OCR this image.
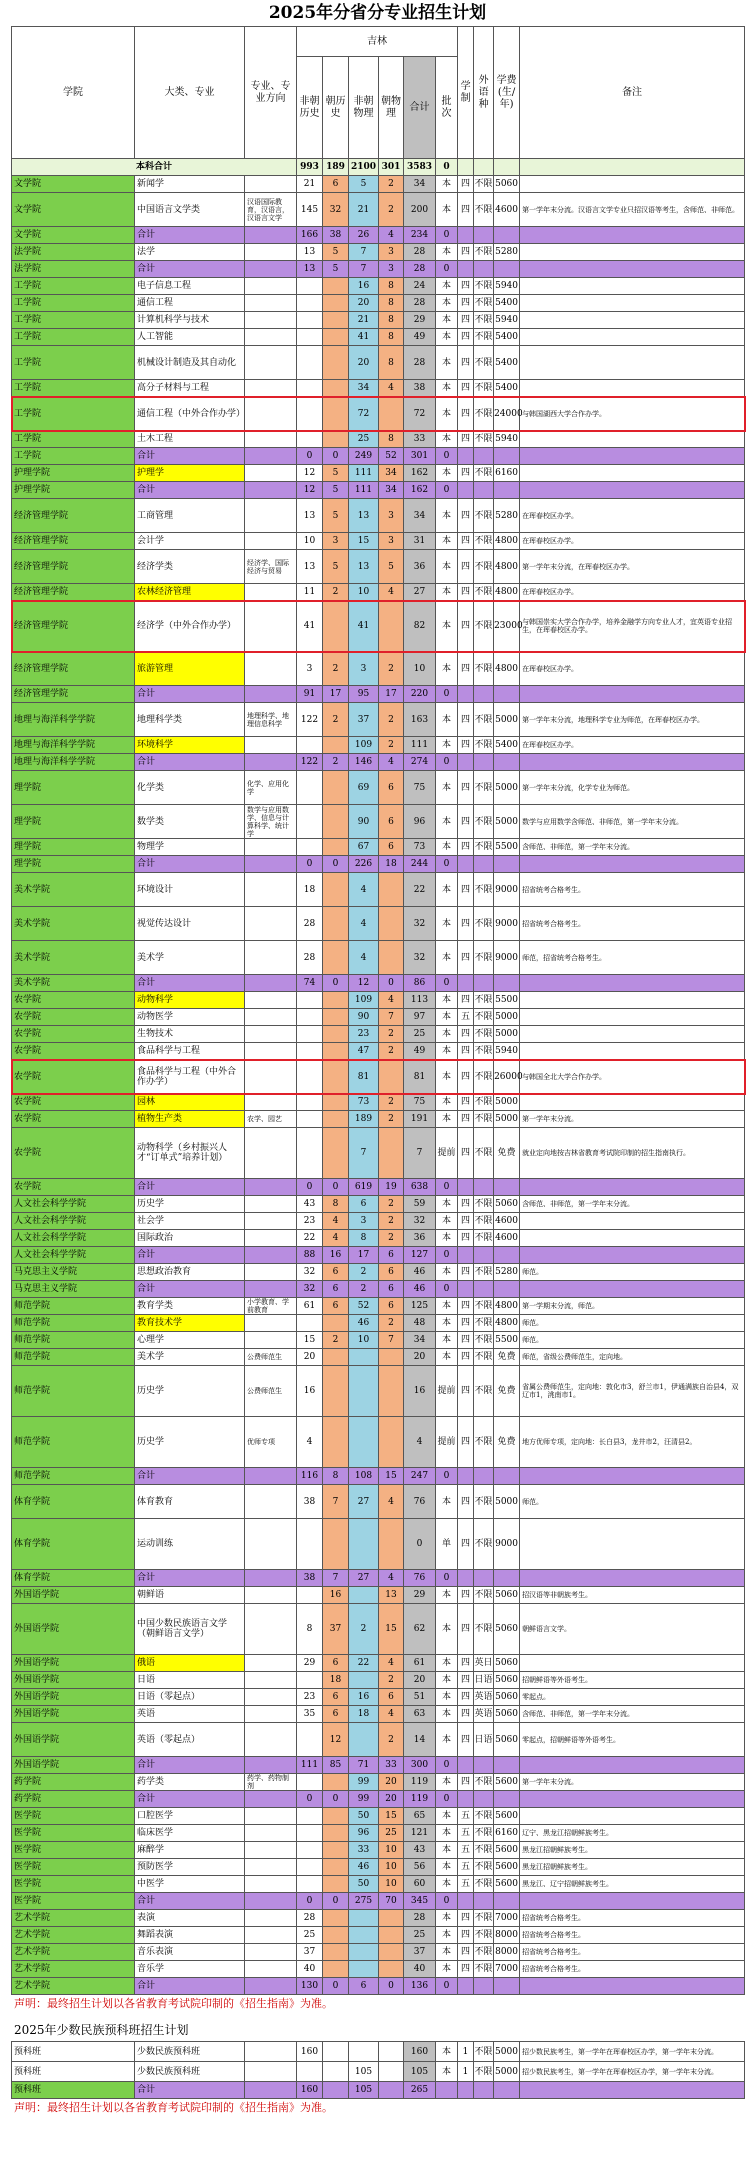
2025年分省分专业招生计划
学院	大类、专业	专业、专业方向	吉林						学制	外语种	学费(生/年)	备注
			非朝历史	朝历史	非朝物理	朝物理	合计	批次				
本科合计			993	189	2100	301	3583	0				
文学院	新闻学		21	6	5	2	34	本	四	不限	5060	
文学院	中国语言文学类	汉语国际教育，汉语言，汉语言文学	145	32	21	2	200	本	四	不限	4600	第一学年末分流。汉语言文学专业只招汉语等考生，含师范、非师范。
文学院	合计		166	38	26	4	234	0				
法学院	法学		13	5	7	3	28	本	四	不限	5280	
法学院	合计		13	5	7	3	28	0				
工学院	电子信息工程				16	8	24	本	四	不限	5940	
工学院	通信工程				20	8	28	本	四	不限	5400	
工学院	计算机科学与技术				21	8	29	本	四	不限	5940	
工学院	人工智能				41	8	49	本	四	不限	5400	
工学院	机械设计制造及其自动化				20	8	28	本	四	不限	5400	
工学院	高分子材料与工程				34	4	38	本	四	不限	5400	
工学院	通信工程（中外合作办学）				72		72	本	四	不限	24000	与韩国湖西大学合作办学。
工学院	土木工程				25	8	33	本	四	不限	5940	
工学院	合计		0	0	249	52	301	0				
护理学院	护理学		12	5	111	34	162	本	四	不限	6160	
护理学院	合计		12	5	111	34	162	0				
经济管理学院	工商管理		13	5	13	3	34	本	四	不限	5280	在珲春校区办学。
经济管理学院	会计学		10	3	15	3	31	本	四	不限	4800	在珲春校区办学。
经济管理学院	经济学类	经济学、国际经济与贸易	13	5	13	5	36	本	四	不限	4800	第一学年末分流，在珲春校区办学。
经济管理学院	农林经济管理		11	2	10	4	27	本	四	不限	4800	在珲春校区办学。
经济管理学院	经济学（中外合作办学）		41		41		82	本	四	不限	23000	与韩国崇实大学合作办学，培养金融学方向专业人才，宜英语专业招生，在珲春校区办学。
经济管理学院	旅游管理		3	2	3	2	10	本	四	不限	4800	在珲春校区办学。
经济管理学院	合计		91	17	95	17	220	0				
地理与海洋科学学院	地理科学类	地理科学、地理信息科学	122	2	37	2	163	本	四	不限	5000	第一学年末分流，地理科学专业为师范，在珲春校区办学。
地理与海洋科学学院	环境科学				109	2	111	本	四	不限	5400	在珲春校区办学。
地理与海洋科学学院	合计		122	2	146	4	274	0				
理学院	化学类	化学、应用化学			69	6	75	本	四	不限	5000	第一学年末分流，化学专业为师范。
理学院	数学类	数学与应用数学、信息与计算科学、统计学			90	6	96	本	四	不限	5000	数学与应用数学含师范、非师范，第一学年末分流。
理学院	物理学				67	6	73	本	四	不限	5500	含师范、非师范，第一学年末分流。
理学院	合计		0	0	226	18	244	0				
美术学院	环境设计		18		4		22	本	四	不限	9000	招省统考合格考生。
美术学院	视觉传达设计		28		4		32	本	四	不限	9000	招省统考合格考生。
美术学院	美术学		28		4		32	本	四	不限	9000	师范，招省统考合格考生。
美术学院	合计		74	0	12	0	86	0				
农学院	动物科学				109	4	113	本	四	不限	5500	
农学院	动物医学				90	7	97	本	五	不限	5000	
农学院	生物技术				23	2	25	本	四	不限	5000	
农学院	食品科学与工程				47	2	49	本	四	不限	5940	
农学院	食品科学与工程（中外合作办学）				81		81	本	四	不限	26000	与韩国全北大学合作办学。
农学院	园林				73	2	75	本	四	不限	5000	
农学院	植物生产类	农学、园艺			189	2	191	本	四	不限	5000	第一学年末分流。
农学院	动物科学（乡村振兴人才“订单式”培养计划）				7		7	提前	四	不限	免费	就业定向地按吉林省教育考试院印制的招生指南执行。
农学院	合计		0	0	619	19	638	0				
人文社会科学学院	历史学		43	8	6	2	59	本	四	不限	5060	含师范、非师范，第一学年末分流。
人文社会科学学院	社会学		23	4	3	2	32	本	四	不限	4600	
人文社会科学学院	国际政治		22	4	8	2	36	本	四	不限	4600	
人文社会科学学院	合计		88	16	17	6	127	0				
马克思主义学院	思想政治教育		32	6	2	6	46	本	四	不限	5280	师范。
马克思主义学院	合计		32	6	2	6	46	0				
师范学院	教育学类	小学教育、学前教育	61	6	52	6	125	本	四	不限	4800	第一学期末分流，师范。
师范学院	教育技术学				46	2	48	本	四	不限	4800	师范。
师范学院	心理学		15	2	10	7	34	本	四	不限	5500	师范。
师范学院	美术学	公费师范生	20				20	本	四	不限	免费	师范，省级公费师范生，定向地。
师范学院	历史学	公费师范生	16				16	提前	四	不限	免费	省属公费师范生，定向地：敦化市3，舒兰市1，伊通满族自治县4，双辽市1，洮南市1。
师范学院	历史学	优师专项	4				4	提前	四	不限	免费	地方优师专项，定向地：长白县3，龙井市2，汪清县2。
师范学院	合计		116	8	108	15	247	0				
体育学院	体育教育		38	7	27	4	76	本	四	不限	5000	师范。
体育学院	运动训练						0	单	四	不限	9000	
体育学院	合计		38	7	27	4	76	0				
外国语学院	朝鲜语			16		13	29	本	四	不限	5060	招汉语等非朝族考生。
外国语学院	中国少数民族语言文学（朝鲜语言文学）		8	37	2	15	62	本	四	不限	5060	朝鲜语言文学。
外国语学院	俄语		29	6	22	4	61	本	四	英日	5060	
外国语学院	日语			18		2	20	本	四	日语	5060	招朝鲜语等外语考生。
外国语学院	日语（零起点）		23	6	16	6	51	本	四	英语	5060	零起点。
外国语学院	英语		35	6	18	4	63	本	四	英语	5060	含师范、非师范，第一学年末分流。
外国语学院	英语（零起点）			12		2	14	本	四	日语	5060	零起点，招朝鲜语等外语考生。
外国语学院	合计		111	85	71	33	300	0				
药学院	药学类	药学、药物制剂			99	20	119	本	四	不限	5600	第一学年末分流。
药学院	合计		0	0	99	20	119	0				
医学院	口腔医学				50	15	65	本	五	不限	5600	
医学院	临床医学				96	25	121	本	五	不限	6160	辽宁、黑龙江招朝鲜族考生。
医学院	麻醉学				33	10	43	本	五	不限	5600	黑龙江招朝鲜族考生。
医学院	预防医学				46	10	56	本	五	不限	5600	黑龙江招朝鲜族考生。
医学院	中医学				50	10	60	本	五	不限	5600	黑龙江、辽宁招朝鲜族考生。
医学院	合计		0	0	275	70	345	0				
艺术学院	表演		28				28	本	四	不限	7000	招省统考合格考生。
艺术学院	舞蹈表演		25				25	本	四	不限	8000	招省统考合格考生。
艺术学院	音乐表演		37				37	本	四	不限	8000	招省统考合格考生。
艺术学院	音乐学		40				40	本	四	不限	7000	招省统考合格考生。
艺术学院	合计		130	0	6	0	136	0				
声明：最终招生计划以各省教育考试院印制的《招生指南》为准。
2025年少数民族预科班招生计划
预科班	少数民族预科班		160				160	本	1	不限	5000	招少数民族考生，第一学年在珲春校区办学，第一学年末分流。
预科班	少数民族预科班				105		105	本	1	不限	5000	招少数民族考生，第一学年在珲春校区办学，第一学年末分流。
预科班	合计		160		105		265					
声明：最终招生计划以各省教育考试院印制的《招生指南》为准。
